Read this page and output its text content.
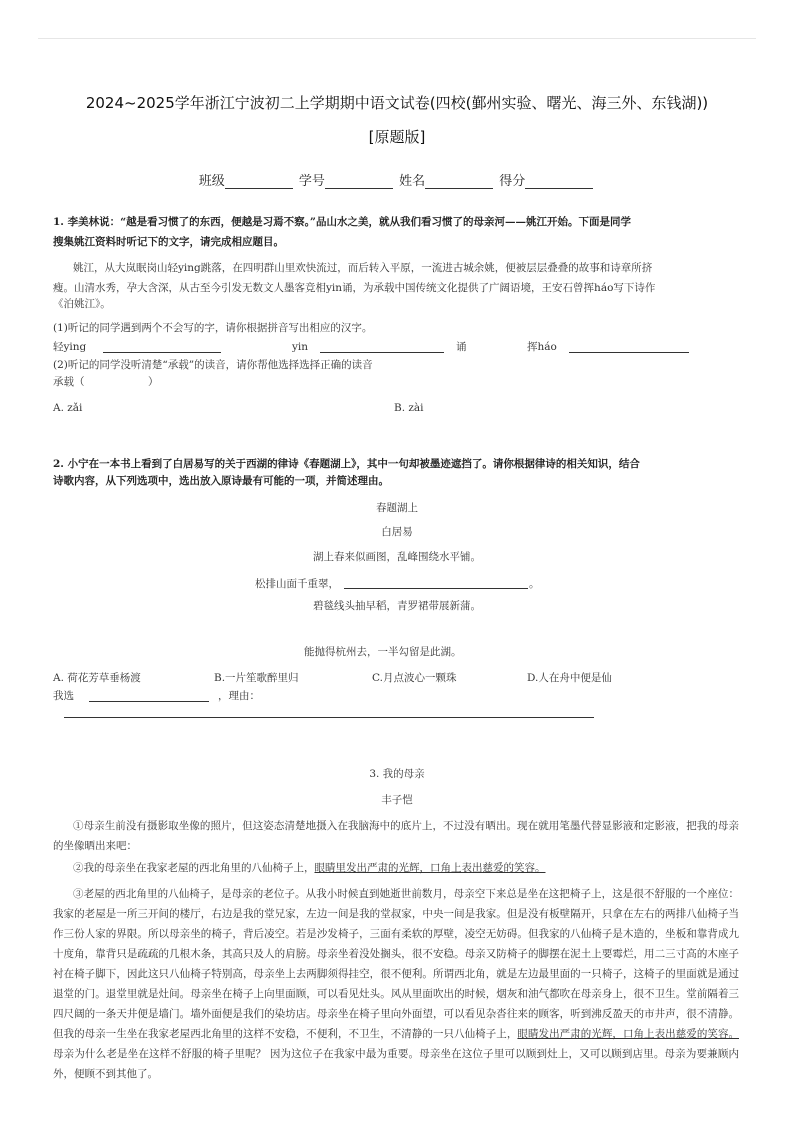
2024~2025学年浙江宁波初二上学期期中语文试卷(四校(鄞州实验、曙光、海三外、东钱湖))
[原题版]
班级	学号	姓名	得分
1. 李美林说：“越是看习惯了的东西，便越是习焉不察。”品山水之美，就从我们看习惯了的母亲河——姚江开始。下面是同学
搜集姚江资料时听记下的文字，请完成相应题目。
姚江，从大岚眠岗山轻ying跳落，在四明群山里欢快流过，而后转入平原，一流进古城余姚，便被层层叠叠的故事和诗章所挤
瘦。山清水秀，孕大含深，从古至今引发无数文人墨客竞相yin诵，为承载中国传统文化提供了广阔语境，王安石曾挥háo写下诗作
《泊姚江》。
(1)听记的同学遇到两个不会写的字，请你根据拼音写出相应的汉字。
轻ying	yin	诵	挥háo
(2)听记的同学没听清楚“承载”的读音，请你帮他选择选择正确的读音
承载（	）
A. zǎi	B. zài
2. 小宁在一本书上看到了白居易写的关于西湖的律诗《春题湖上》，其中一句却被墨迹遮挡了。请你根据律诗的相关知识，结合
诗歌内容，从下列选项中，选出放入原诗最有可能的一项，并简述理由。
春题湖上
白居易
湖上春来似画图，乱峰围绕水平铺。
松排山面千重翠，	。
碧毯线头抽早稻，青罗裙带展新蒲。
能抛得杭州去，一半勾留是此湖。
A. 荷花芳草垂杨渡	B.一片笙歌醉里归	C.月点波心一颗珠	D.人在舟中便是仙
我选	，理由：
3. 我的母亲
丰子恺
①母亲生前没有摄影取坐像的照片，但这姿态清楚地摄入在我脑海中的底片上，不过没有晒出。现在就用笔墨代替显影液和定影液，把我的母亲的坐像晒出来吧：
②我的母亲坐在我家老屋的西北角里的八仙椅子上，眼睛里发出严肃的光辉，口角上表出慈爱的笑容。
③老屋的西北角里的八仙椅子，是母亲的老位子。从我小时候直到她逝世前数月，母亲空下来总是坐在这把椅子上，这是很不舒服的一个座位：我家的老屋是一所三开间的楼厅，右边是我的堂兄家，左边一间是我的堂叔家，中央一间是我家。但是没有板壁隔开，只拿在左右的两排八仙椅子当作三份人家的界限。所以母亲坐的椅子，背后凌空。若是沙发椅子，三面有柔软的厚壁，凌空无妨碍。但我家的八仙椅子是木造的，坐板和靠背成九十度角，靠背只是疏疏的几根木条，其高只及人的肩膀。母亲坐着没处搁头，很不安稳。母亲又防椅子的脚摆在泥土上要霉烂，用二三寸高的木座子衬在椅子脚下，因此这只八仙椅子特别高，母亲坐上去两脚须得挂空，很不便利。所谓西北角，就是左边最里面的一只椅子，这椅子的里面就是通过退堂的门。退堂里就是灶间。母亲坐在椅子上向里面顾，可以看见灶头。风从里面吹出的时候，烟灰和油气都吹在母亲身上，很不卫生。堂前隔着三四尺阔的一条天井便是墙门。墙外面便是我们的染坊店。母亲坐在椅子里向外面望，可以看见杂沓往来的顾客，听到沸反盈天的市井声，很不清静。但我的母亲一生坐在我家老屋西北角里的这样不安稳，不便利，不卫生，不清静的一只八仙椅子上，眼睛发出严肃的光辉，口角上表出慈爱的笑容。母亲为什么老是坐在这样不舒服的椅子里呢？ 因为这位子在我家中最为重要。母亲坐在这位子里可以顾到灶上，又可以顾到店里。母亲为要兼顾内外，便顾不到其他了。
